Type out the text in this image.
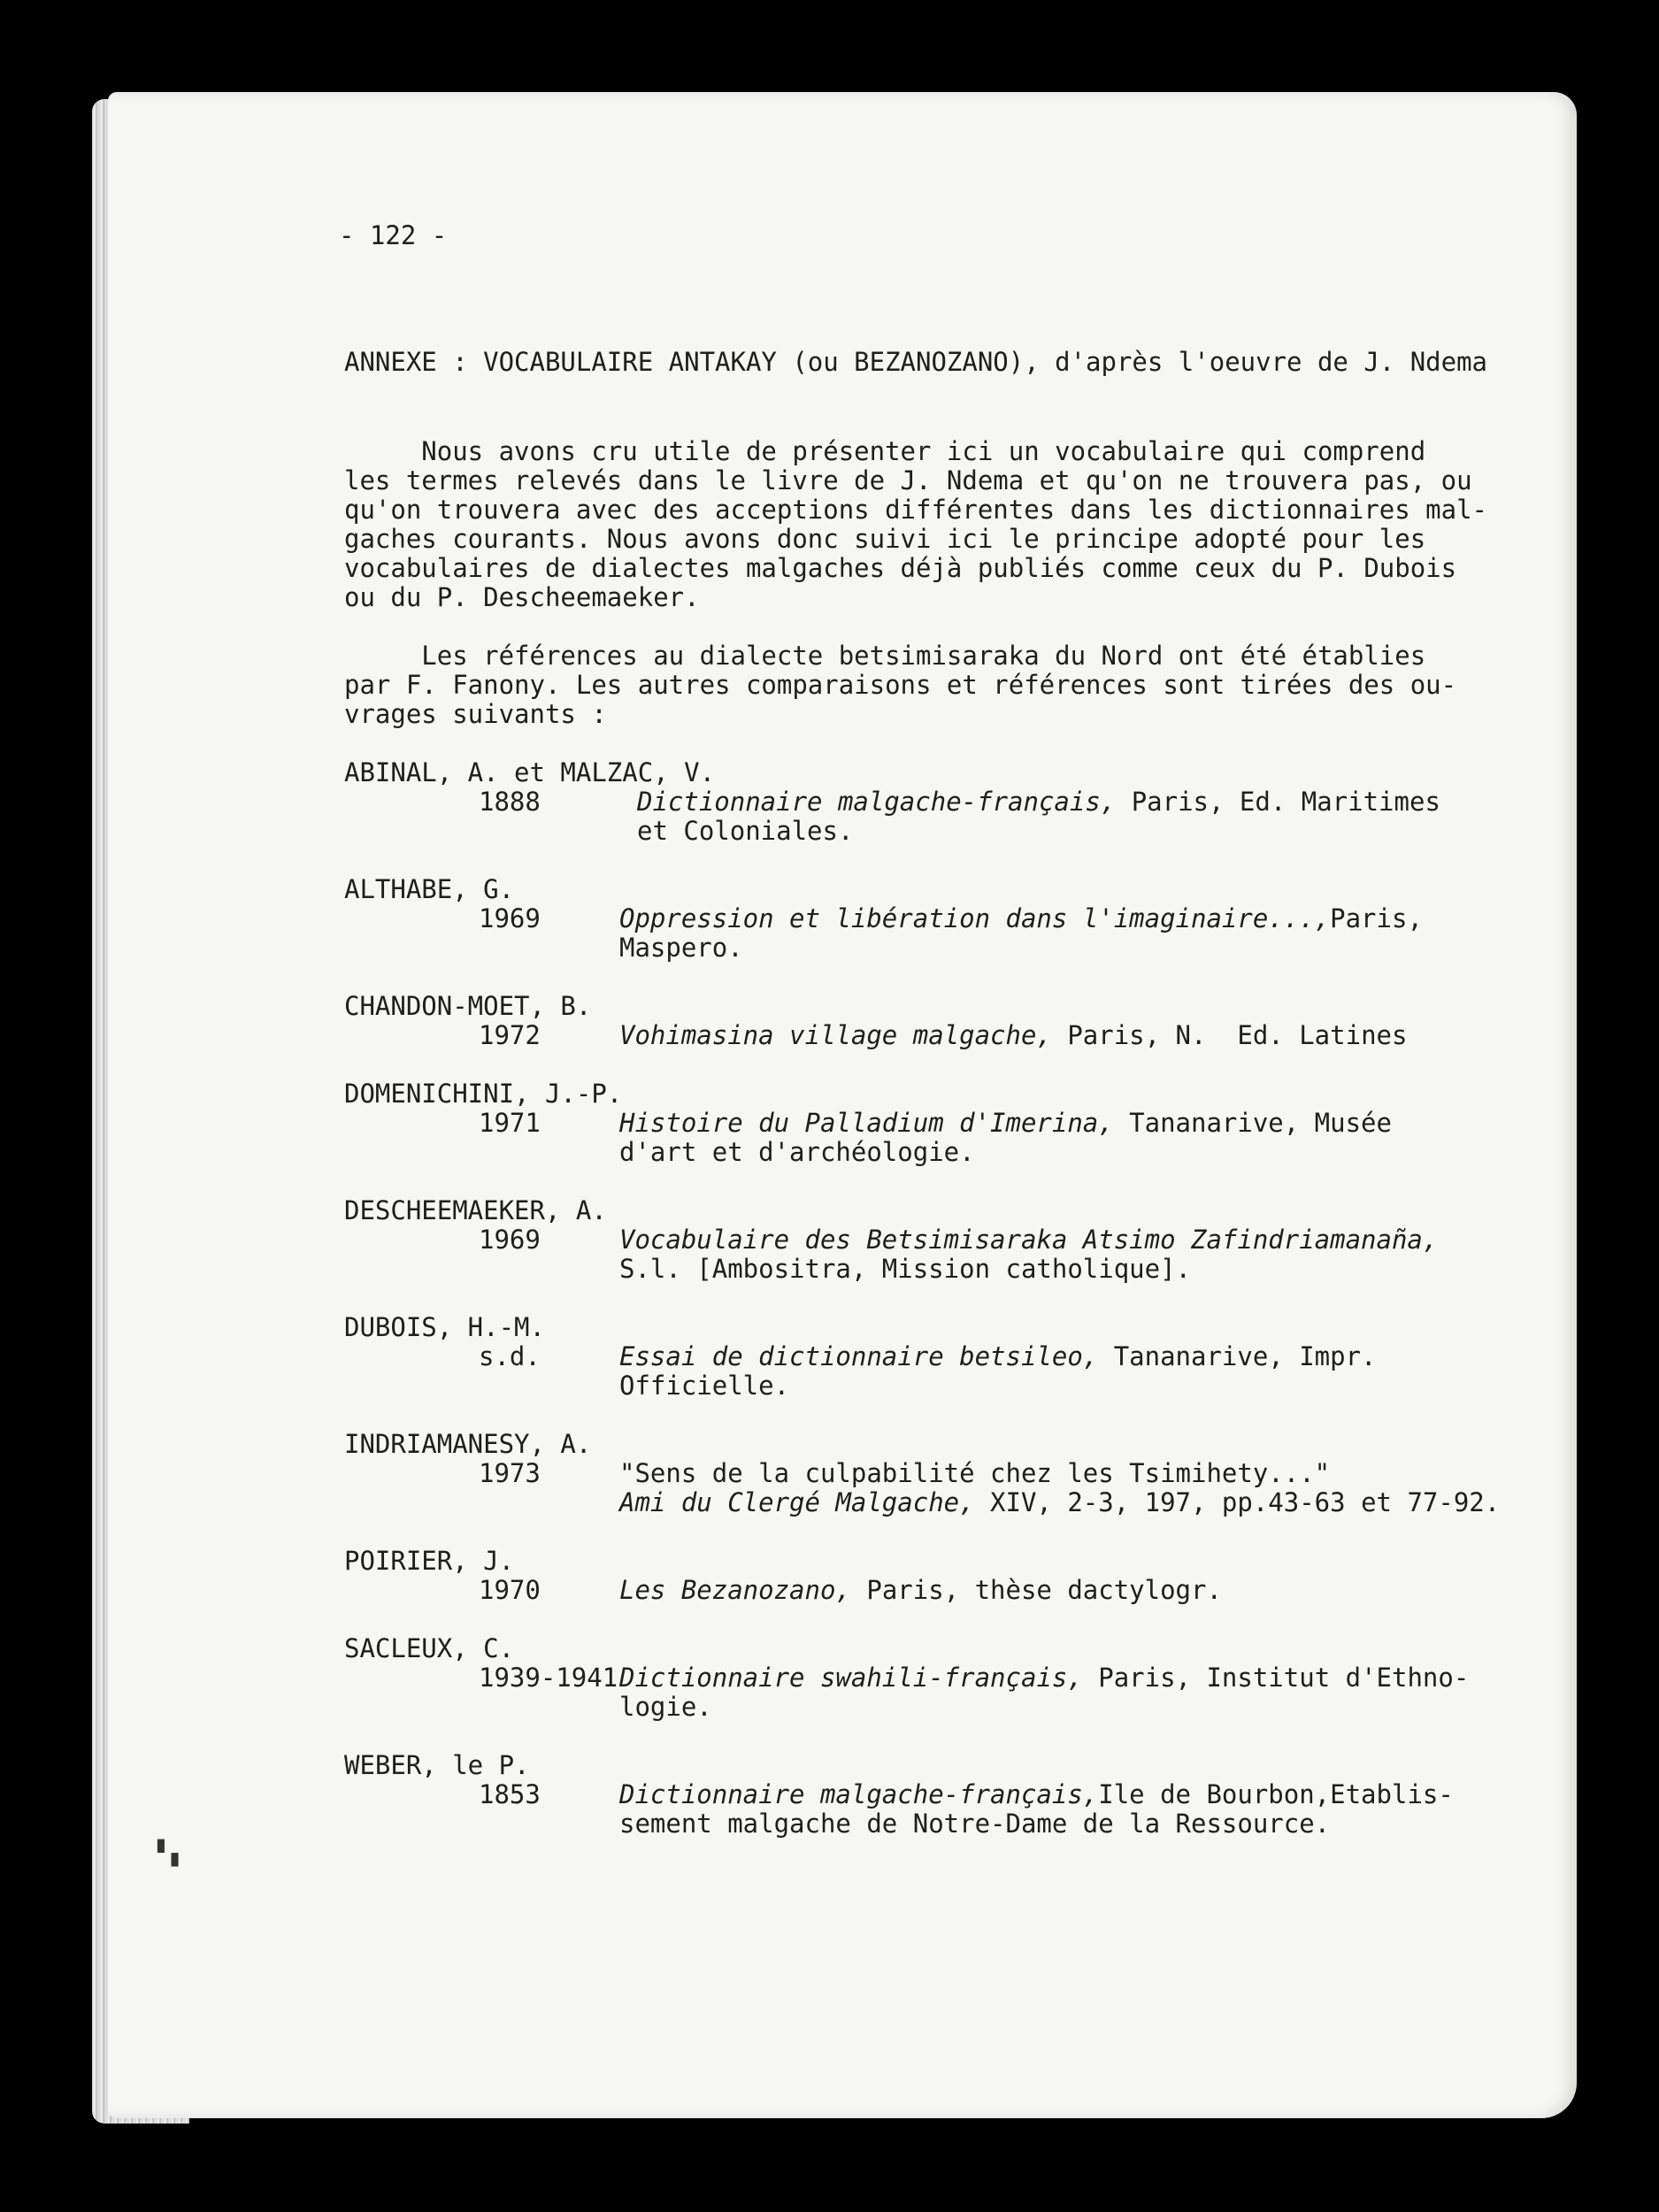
- 122 -
ANNEXE : VOCABULAIRE ANTAKAY (ou BEZANOZANO), d'après l'oeuvre de J. Ndema
Nous avons cru utile de présenter ici un vocabulaire qui comprend
les termes relevés dans le livre de J. Ndema et qu'on ne trouvera pas, ou
qu'on trouvera avec des acceptions différentes dans les dictionnaires mal-
gaches courants. Nous avons donc suivi ici le principe adopté pour les
vocabulaires de dialectes malgaches déjà publiés comme ceux du P. Dubois
ou du P. Descheemaeker.
Les références au dialecte betsimisaraka du Nord ont été établies
par F. Fanony. Les autres comparaisons et références sont tirées des ou-
vrages suivants :
ABINAL, A. et MALZAC, V.
1888	Dictionnaire malgache-français, Paris, Ed. Maritimes
et Coloniales.
ALTHABE, G.
1969	Oppression et libération dans l'imaginaire...,Paris,
Maspero.
CHANDON-MOET, B.
1972	Vohimasina village malgache, Paris, N.  Ed. Latines
DOMENICHINI, J.-P.
1971	Histoire du Palladium d'Imerina, Tananarive, Musée
d'art et d'archéologie.
DESCHEEMAEKER, A.
1969	Vocabulaire des Betsimisaraka Atsimo Zafindriamanaña,
S.l. [Ambositra, Mission catholique].
DUBOIS, H.-M.
s.d.	Essai de dictionnaire betsileo, Tananarive, Impr.
Officielle.
INDRIAMANESY, A.
1973	"Sens de la culpabilité chez les Tsimihety..."
Ami du Clergé Malgache, XIV, 2-3, 197, pp.43-63 et 77-92.
POIRIER, J.
1970	Les Bezanozano, Paris, thèse dactylogr.
SACLEUX, C.
1939-1941 Dictionnaire swahili-français, Paris, Institut d'Ethno-
logie.
WEBER, le P.
1853	Dictionnaire malgache-français,Ile de Bourbon,Etablis-
sement malgache de Notre-Dame de la Ressource.
▘▖
